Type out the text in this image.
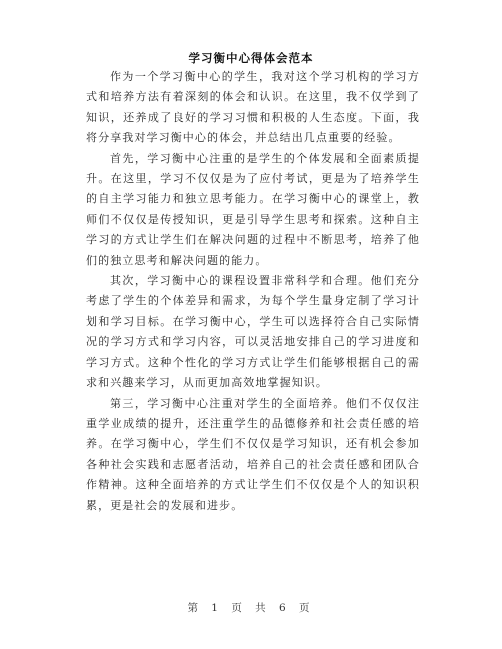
学习衡中心得体会范本

作为一个学习衡中心的学生，我对这个学习机构的学习方式和培养方法有着深刻的体会和认识。在这里，我不仅学到了知识，还养成了良好的学习习惯和积极的人生态度。下面，我将分享我对学习衡中心的体会，并总结出几点重要的经验。

首先，学习衡中心注重的是学生的个体发展和全面素质提升。在这里，学习不仅仅是为了应付考试，更是为了培养学生的自主学习能力和独立思考能力。在学习衡中心的课堂上，教师们不仅仅是传授知识，更是引导学生思考和探索。这种自主学习的方式让学生们在解决问题的过程中不断思考，培养了他们的独立思考和解决问题的能力。

其次，学习衡中心的课程设置非常科学和合理。他们充分考虑了学生的个体差异和需求，为每个学生量身定制了学习计划和学习目标。在学习衡中心，学生可以选择符合自己实际情况的学习方式和学习内容，可以灵活地安排自己的学习进度和学习方式。这种个性化的学习方式让学生们能够根据自己的需求和兴趣来学习，从而更加高效地掌握知识。

第三，学习衡中心注重对学生的全面培养。他们不仅仅注重学业成绩的提升，还注重学生的品德修养和社会责任感的培养。在学习衡中心，学生们不仅仅是学习知识，还有机会参加各种社会实践和志愿者活动，培养自己的社会责任感和团队合作精神。这种全面培养的方式让学生们不仅仅是个人的知识积累，更是社会的发展和进步。

第 1 页 共 6 页
